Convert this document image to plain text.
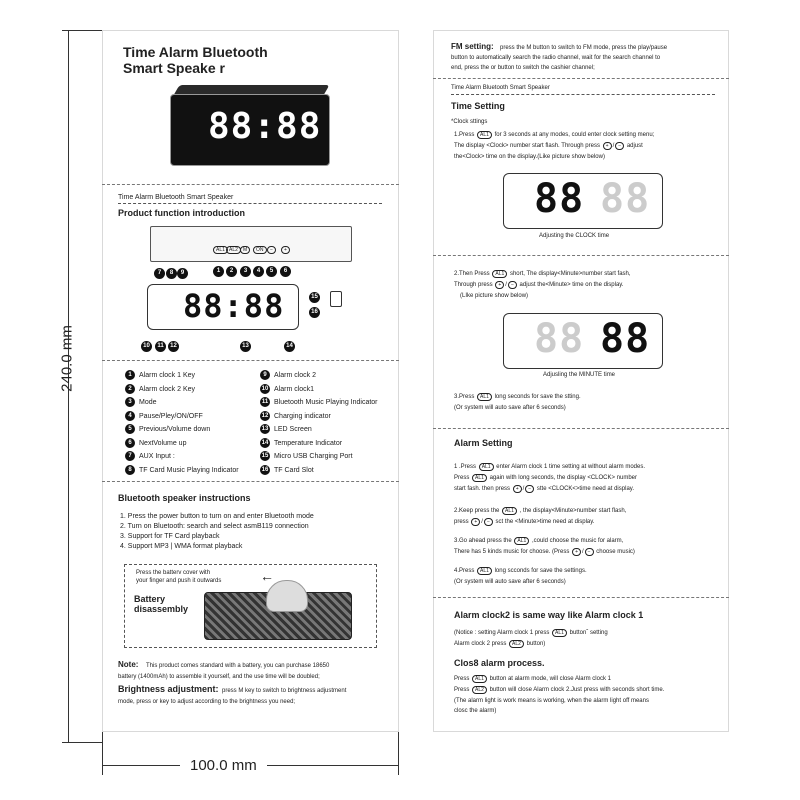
240.0 mm
100.0 mm
Time Alarm Bluetooth
Smart Speake r
88:88
Time Alarm Bluetooth Smart Speaker
Product function introduction
AL1 AL2	M	ON	−	+
1	2	3	4	5	6
7	8	9
88:88
10	11	12	13	14
15
16
1 Alarm clock 1 Key
2 Alarm clock 2 Key
3 Mode
4 Pause/Pley/ON/OFF
5 Previous/Volume down
6 NextVolume up
7 AUX Input :
8 TF Card Music Playing Indicator
9 Alarm clock 2
10 Alarm clock1
11 Bluetooth Music Playing Indicator
12 Charging indicator
13 LED Screen
14 Temperature Indicator
15 Micro USB Charging Port
16 TF Card Slot
Bluetooth speaker instructions
1. Press the power button to turn on and enter Bluetooth mode
2. Turn on Bluetooth: search and select asmB119 connection
3. Support for TF Card playback
4. Support MP3 | WMA format playback
Press the batterv cover with
your finger and push it outwards	←
Battery
disassembly
Note: This product comes standard with a battery, you can purchase 18650
battery (1400mAh) to assemble it yourself, and the use time will be doubled;
Brightness adjustment: press M key to switch to brightness adjustment
mode, press or key to adjust according to the brightness you need;
FM setting: press the M button to switch to FM mode, press the play/pause
button to automatically search the radio channel, wait for the search channel to
end, press the or button to switch the cashier channel;
Time Alarm Bluetooth Smart Speaker
Time Setting
*Clock sttings
1.Press AL1 for 3 seconds at any modes, could enter clock setting menu;
The display <Clock> number start flash. Through press + / − adjust
the<Clock> time on the display.(Like picture show below)
88 88
Adjusting the CLOCK time
2.Then Press AL1 short, The display<Minute>number start fash,
Through press + / − adjust the<Minute> time on the display.
(LIke picture show below)
88 88
Adjusling the MINUTE time
3.Press AL1 long seconds for save the stting.
(Or system will auto save after 6 seconds)
Alarm Setting
1 .Press AL1 enter Alarm clock 1 time setting at without alarm modes.
Press AL1 again with long seconds, the display <CLOCK> number
start fash. then press + / − stte <CLOCK<>time need at display.
2.Keep press the AL1 , the display<Minute>number start flash,
press + / − sct the <Minute>time need at display.
3.Go ahead press the AL1 ,could choose the music for alarm,
There has 5 kinds music for choose. (Press + / − choose music)
4.Press AL1 long scconds for save the settings.
(Or system will auto save after 6 seconds)
Alarm clock2 is same way like Alarm clock 1
(Notice : setting Alarm clock 1 press AL1 buttonˆ setting
Alarm clock 2 press AL2 button)
Clos8 alarm process.
Press AL1 button at alarm mode, will close Alarm clock 1
Press AL2 button will close Alarm clock 2.Just press with seconds short time.
(The alarm light is work means is working, when the alarm light off means
closc the alarm)
